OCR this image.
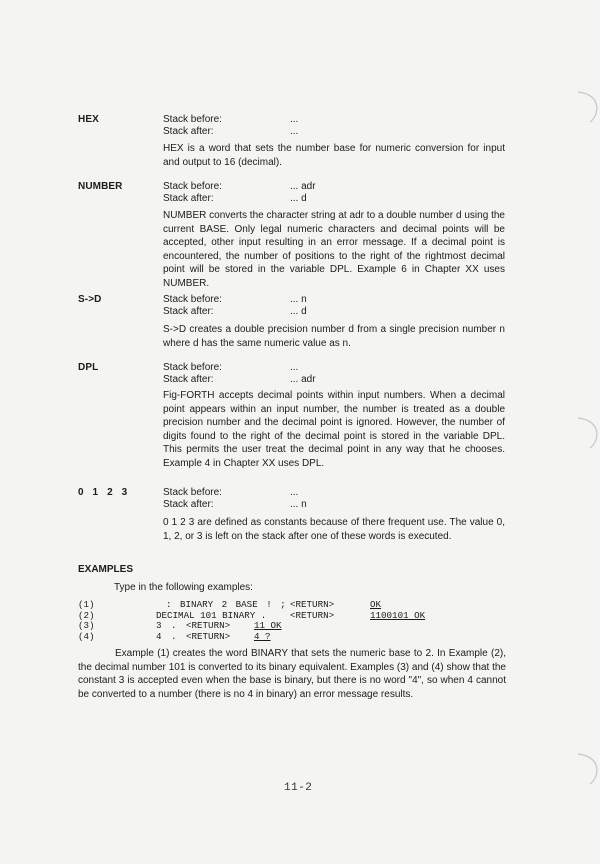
HEX	Stack before:	...
Stack after:	...
HEX is a word that sets the number base for numeric conversion for input and output to 16 (decimal).
NUMBER	Stack before:	... adr
Stack after:	... d
NUMBER converts the character string at adr to a double number d using the current BASE. Only legal numeric characters and decimal points will be accepted, other input resulting in an error message. If a decimal point is encountered, the number of positions to the right of the rightmost decimal point will be stored in the variable DPL. Example 6 in Chapter XX uses NUMBER.
S->D	Stack before:	... n
Stack after:	... d
S->D creates a double precision number d from a single precision number n where d has the same numeric value as n.
DPL	Stack before:	...
Stack after:	... adr
Fig-FORTH accepts decimal points within input numbers. When a decimal point appears within an input number, the number is treated as a double precision number and the decimal point is ignored. However, the number of digits found to the right of the decimal point is stored in the variable DPL. This permits the user treat the decimal point in any way that he chooses. Example 4 in Chapter XX uses DPL.
0 1 2 3	Stack before:	...
Stack after:	... n
0 1 2 3 are defined as constants because of there frequent use. The value 0, 1, 2, or 3 is left on the stack after one of these words is executed.
EXAMPLES
Type in the following examples:
(1)	: BINARY 2 BASE ! ; <RETURN>	OK
(2)	DECIMAL 101 BINARY .	<RETURN>	1100101 OK
(3)	3 . <RETURN>	11 OK
(4)	4 . <RETURN>	4 ?
Example (1) creates the word BINARY that sets the numeric base to 2. In Example (2), the decimal number 101 is converted to its binary equivalent. Examples (3) and (4) show that the constant 3 is accepted even when the base is binary, but there is no word "4", so when 4 cannot be converted to a number (there is no 4 in binary) an error message results.
11-2
